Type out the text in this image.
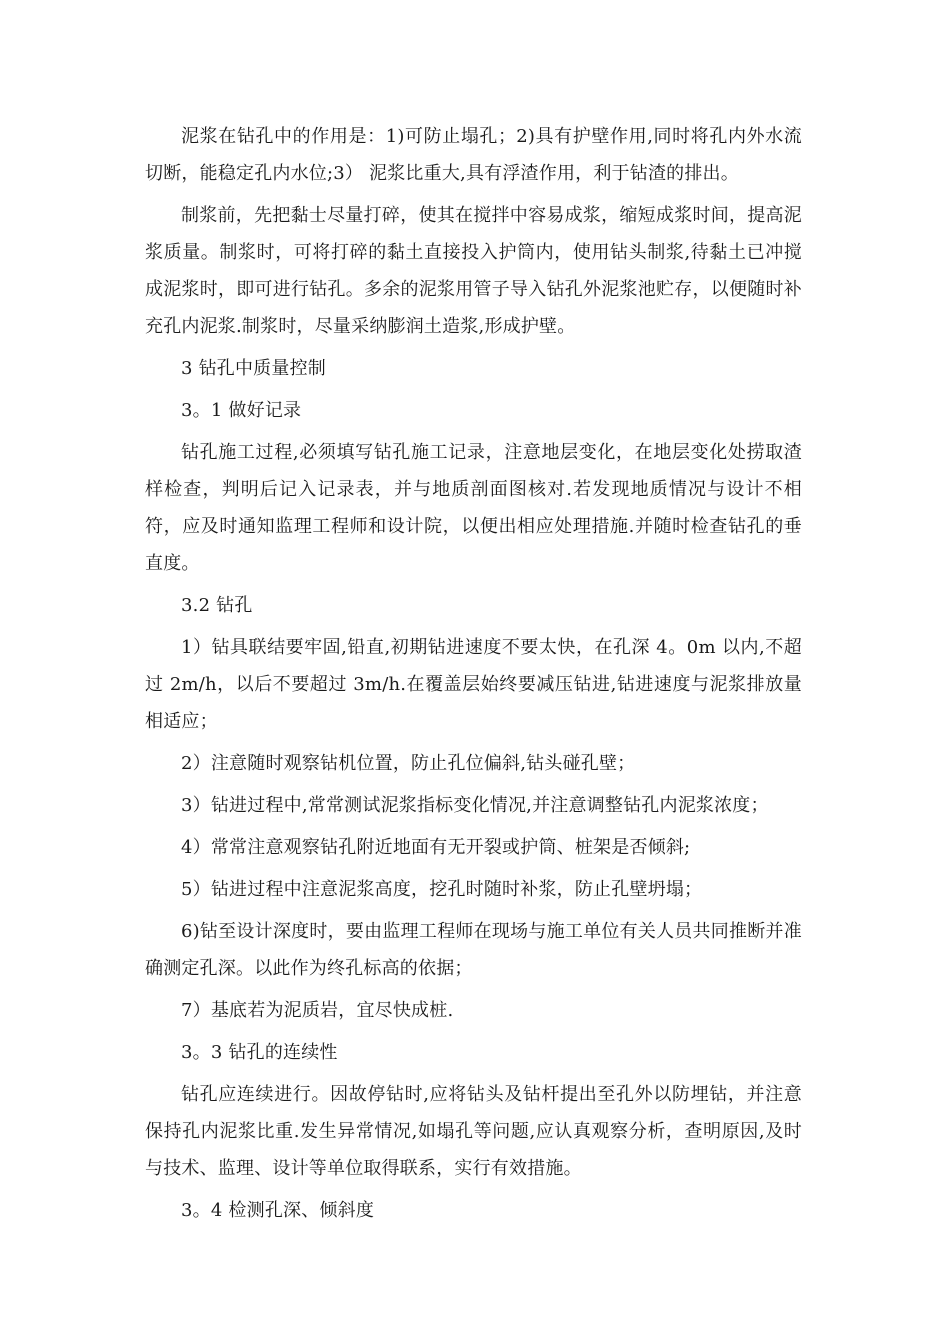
泥浆在钻孔中的作用是：1)可防止塌孔；2)具有护壁作用,同时将孔内外水流切断，能稳定孔内水位;3） 泥浆比重大,具有浮渣作用，利于钻渣的排出。

制浆前，先把黏士尽量打碎，使其在搅拌中容易成浆，缩短成浆时间，提高泥浆质量。制浆时，可将打碎的黏土直接投入护筒内，使用钻头制浆,待黏土已冲搅成泥浆时，即可进行钻孔。多余的泥浆用管子导入钻孔外泥浆池贮存，以便随时补充孔内泥浆.制浆时，尽量采纳膨润土造浆,形成护壁。

3 钻孔中质量控制

3。1 做好记录

钻孔施工过程,必须填写钻孔施工记录，注意地层变化，在地层变化处捞取渣样检查，判明后记入记录表，并与地质剖面图核对.若发现地质情况与设计不相符，应及时通知监理工程师和设计院，以便出相应处理措施.并随时检查钻孔的垂直度。

3.2 钻孔

1）钻具联结要牢固,铅直,初期钻进速度不要太快，在孔深 4。0m 以内,不超过 2m/h，以后不要超过 3m/h.在覆盖层始终要减压钻进,钻进速度与泥浆排放量相适应；

2）注意随时观察钻机位置，防止孔位偏斜,钻头碰孔壁；

3）钻进过程中,常常测试泥浆指标变化情况,并注意调整钻孔内泥浆浓度；

4）常常注意观察钻孔附近地面有无开裂或护筒、桩架是否倾斜;

5）钻进过程中注意泥浆高度，挖孔时随时补浆，防止孔壁坍塌；

6)钻至设计深度时，要由监理工程师在现场与施工单位有关人员共同推断并准确测定孔深。以此作为终孔标高的依据；

7）基底若为泥质岩，宜尽快成桩.

3。3 钻孔的连续性

钻孔应连续进行。因故停钻时,应将钻头及钻杆提出至孔外以防埋钻，并注意保持孔内泥浆比重.发生异常情况,如塌孔等问题,应认真观察分析，查明原因,及时与技术、监理、设计等单位取得联系，实行有效措施。

3。4 检测孔深、倾斜度
